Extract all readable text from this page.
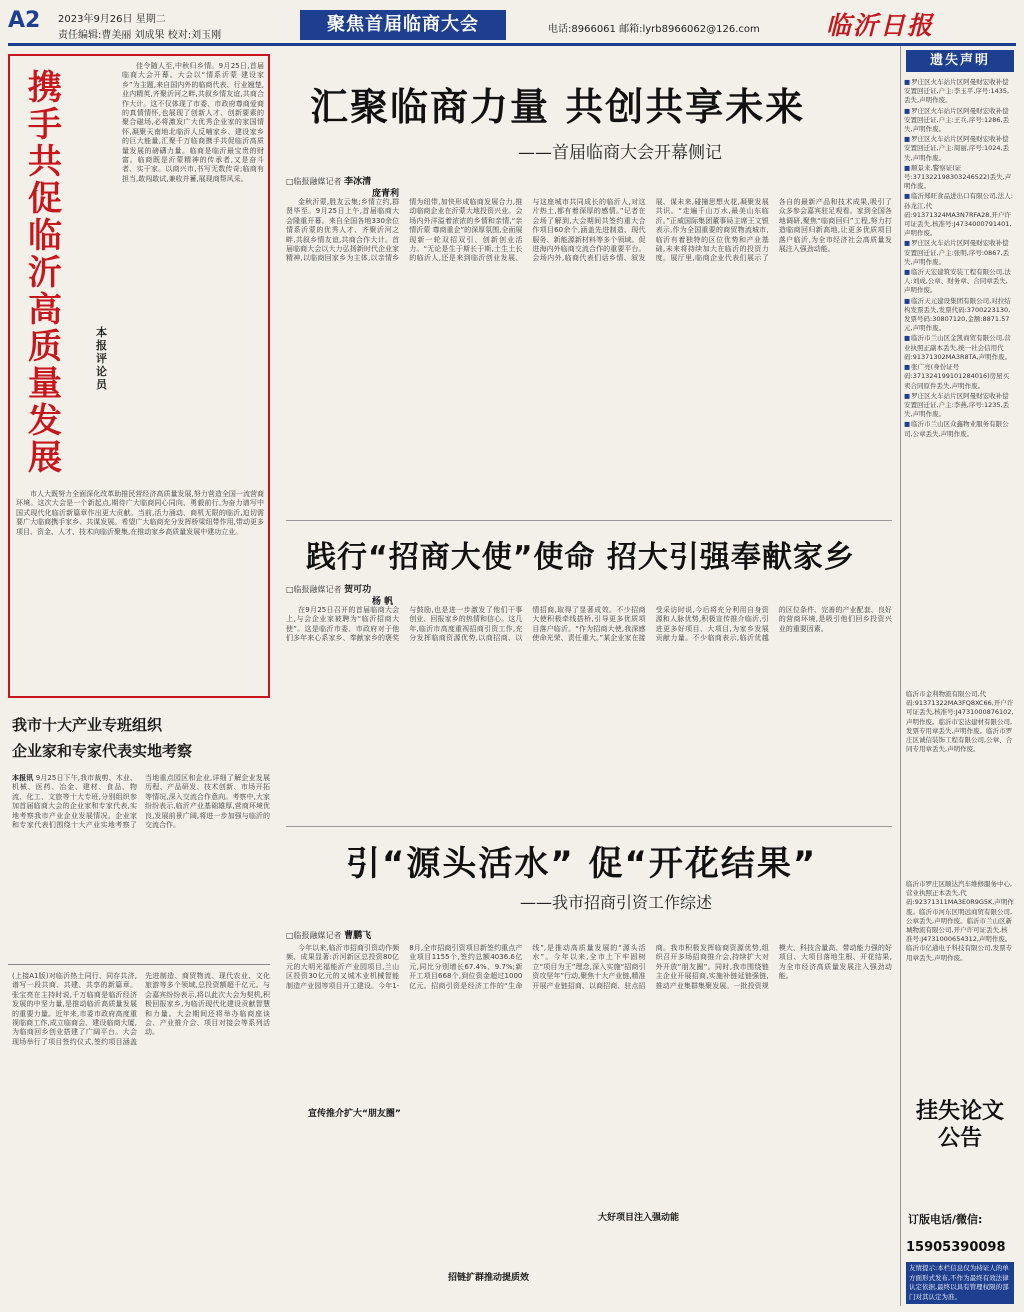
A2 2023年9月26日 星期二
责任编辑:曹美丽 刘成果 校对:刘玉刚
聚焦首届临商大会	电话:8966061 邮箱:lyrb8966062@126.com	临沂日报
携手共促临沂高质量发展
本报评论员
佳令随人至,中秋归乡情。9月25日,首届临商大会开幕。大会以“情系沂蒙 建设家乡”为主题,来自国内外的临商代表、行业翘楚,业内精英,齐聚沂河之畔,共叙乡情友谊,共商合作大计。这不仅体现了市委、市政府尊商爱商的真情情怀,也展现了创新人才、创新要素的聚合磁场,必将激发广大优秀企业家的家国情怀,凝聚天南地北临沂人反哺家乡、建设家乡的巨大能量,汇聚千万临商携手共促临沂高质量发展的磅礴力量。临商是临沂最宝贵的财富。临商既是沂蒙精神的传承者,又是奋斗者、实干家。以商兴市,书写无数传奇;临商有担当,敢闯敢试,兼收并蓄,展现商帮风采。
市人大既努力全面深化改革助推民营经济高质量发展,努力营造全国一流营商环境。这次大会是一个新起点,期待广大临商同心同向、勇毅前行,为奋力谱写中国式现代化临沂新篇章作出更大贡献。当前,活力涌动、商机无限的临沂,迫切需要广大临商携手家乡、共谋发展。希望广大临商充分发挥桥梁纽带作用,带动更多项目、资金、人才、技术向临沂聚集,在推动家乡高质量发展中建功立业。
我市十大产业专班组织
企业家和专家代表实地考察
本报讯 9月25日下午,我市裁剪、木业、机械、医药、冶金、建材、食品、物流、化工、文旅等十大专班,分别组织参加首届临商大会的企业家和专家代表,实地考察我市产业企业发展情况。企业家和专家代表们围绕十大产业实地考察了当地重点园区和企业,详细了解企业发展历程、产品研发、技术创新、市场开拓等情况,深入交流合作意向。考察中,大家纷纷表示,临沂产业基础雄厚,营商环境优良,发展前景广阔,将进一步加强与临沂的交流合作。
(上接A1版)对临沂热土同行、同存共济,谱写一段共商、共建、共享的新篇章。张宝亮在主持时说,千万临商是临沂经济发展的中坚力量,是推动临沂高质量发展的重要力量。近年来,市委市政府高度重视临商工作,成立临商会、建设临商大厦,为临商回乡创业搭建了广阔平台。大会现场举行了项目签约仪式,签约项目涵盖先进制造、商贸物流、现代农业、文化旅游等多个领域,总投资额超千亿元。与会嘉宾纷纷表示,将以此次大会为契机,积极回报家乡,为临沂现代化建设贡献智慧和力量。大会期间还将举办临商座谈会、产业推介会、项目对接会等系列活动。
汇聚临商力量 共创共享未来
——首届临商大会开幕侧记
□临报融媒记者 李冰清
庞青利
金秋沂蒙,胜友云集;乡情立约,群贤毕至。9月25日上午,首届临商大会隆重开幕。来自全国各地330余位情系沂蒙的优秀人才、齐聚沂河之畔,共叙乡情友谊,共商合作大计。首届临商大会以大力弘扬新时代企业家精神,以临商回家乡为主体,以亲情乡情为纽带,加快形成临商发展合力,推动临商企业在沂蒙大地投资兴业。会场内外洋溢着浓浓的乡情和亲情,“亲情沂蒙 尊商重企”的深厚氛围,全面展现新一轮双招双引、创新创业活力。“无论是生于斯长于斯,土生土长的临沂人,还是来到临沂创业发展、与这座城市共同成长的临沂人,对这片热土,都有着深厚的感情。”记者在会场了解到,大会期间共签约重大合作项目60余个,涵盖先进制造、现代服务、新能源新材料等多个领域。促进海内外临商交流合作的重要平台。会场内外,临商代表们话乡情、叙发展、谋未来,碰撞思想火花,凝聚发展共识。“走遍千山万水,最美山东临沂。”正威国际集团董事局主席王文银表示,作为全国重要的商贸物流城市,临沂有着独特的区位优势和产业基础,未来将持续加大在临沂的投资力度。展厅里,临商企业代表们展示了各自的最新产品和技术成果,吸引了众多参会嘉宾驻足观看。家到全国各地调研,聚焦“临商回归”工程,努力打造临商回归新高地,让更多优质项目落户临沂,为全市经济社会高质量发展注入强劲动能。
践行“招商大使”使命 招大引强奉献家乡
□临报融媒记者 贺可功
杨 帆
在9月25日召开的首届临商大会上,与会企业家被聘为“临沂招商大使”。这是临沂市委、市政府对于他们多年来心系家乡、奉献家乡的褒奖与鼓励,也是进一步激发了他们干事创业、回报家乡的热情和信心。这几年,临沂市高度重视招商引资工作,充分发挥临商资源优势,以商招商、以情招商,取得了显著成效。不少招商大使积极牵线搭桥,引导更多优质项目落户临沂。“作为招商大使,我深感使命光荣、责任重大。”某企业家在接受采访时说,今后将充分利用自身资源和人脉优势,积极宣传推介临沂,引进更多好项目、大项目,为家乡发展贡献力量。不少临商表示,临沂优越的区位条件、完善的产业配套、良好的营商环境,是吸引他们回乡投资兴业的重要因素。
引“源头活水” 促“开花结果”
——我市招商引资工作综述
□临报融媒记者 曹鹏飞
今年以来,临沂市招商引资动作频频、成果显著:沂河新区总投资80亿元的大明光福能沂产业园项目,兰山区投资30亿元的又城木业机械智能制造产业园等项目开工建设。今年1-8月,全市招商引资项目新签约重点产业项目1155个,签约总额4036.6亿元,同比分别增长67.4%、9.7%;新开工项目668个,到位资金超过1000亿元。招商引资是经济工作的“生命线”,是推动高质量发展的“源头活水”。今年以来,全市上下牢固树立“项目为王”理念,深入实施“招商引资攻坚年”行动,聚焦十大产业链,精准开展产业链招商、以商招商、驻点招商。我市积极发挥临商资源优势,组织召开多场招商推介会,持续扩大对外开放“朋友圈”。同时,我市围绕链主企业开展招商,实施补链延链强链,推动产业集群集聚发展。一批投资规模大、科技含量高、带动能力强的好项目、大项目落地生根、开花结果,为全市经济高质量发展注入强劲动能。
宣传推介扩大“朋友圈”
招链扩群推动提质效
大好项目注入强动能
遗失声明

■ 罗庄区火车站片区阿曼财宏收补偿安置回迁证,户主:李玉平,序号:1435,丢失,声明作废。

■ 罗庄区火车站片区阿曼财宏收补偿安置回迁证,户主:王兵,序号:1286,丢失,声明作废。

■ 罗庄区火车站片区阿曼财宏收补偿安置回迁证,户主:周丽,序号:1024,丢失,声明作废。

■ 顺景来,警察证(证号:371322198303246522)丢失,声明作废。

■ 临沂郑旺食品进出口有限公司,法人:孙龙江,代码:91371324MA3N7RFA28,开户许可证丢失,核准号:J4734000791401,声明作废。

■ 罗庄区火车站片区阿曼财宏收补偿安置回迁证,户主:张明,序号:0867,丢失,声明作废。

■ 临沂天宏建筑安装工程有限公司,法人:刘成,公章、财务章、合同章丢失,声明作废。

■ 临沂天元建设集团有限公司,对拉结构发票丢失,发票代码:3700223130,发票号码:30807120,金额:8871.57元,声明作废。

■ 临沂市兰山区金凯商贸有限公司,营业执照正副本丢失,统一社会信用代码:91371302MA3R8TA,声明作废。

■ 张广亮(身份证号码:371324199101284016)房屋买卖合同原件丢失,声明作废。

■ 罗庄区火车站片区阿曼财宏收补偿安置回迁证,户主:李燕,序号:1235,丢失,声明作废。

■ 临沂市兰山区众鑫物业服务有限公司,公章丢失,声明作废。

临沂市金利物流有限公司,代码:91371322MA3FQ8XC66,开户许可证丢失,核准号:J4731000876102,声明作废。临沂市宏达建材有限公司,发票专用章丢失,声明作废。临沂市罗庄区诚信装饰工程有限公司,公章、合同专用章丢失,声明作废。
临沂市罗庄区顺达汽车维修服务中心,营业执照正本丢失,代码:92371311MA3E0R9G5K,声明作废。临沂市河东区明远商贸有限公司,公章丢失,声明作废。临沂市兰山区新城物流有限公司,开户许可证丢失,核准号:J4731000654312,声明作废。临沂市亿通电子科技有限公司,发票专用章丢失,声明作废。
挂失论文公告
订版电话/微信:
15905390098
友情提示:本栏信息仅为持证人的单方面形式发布,不作为最终有效法律认定依据,最终以具有管理权限的部门对其认定为准。
